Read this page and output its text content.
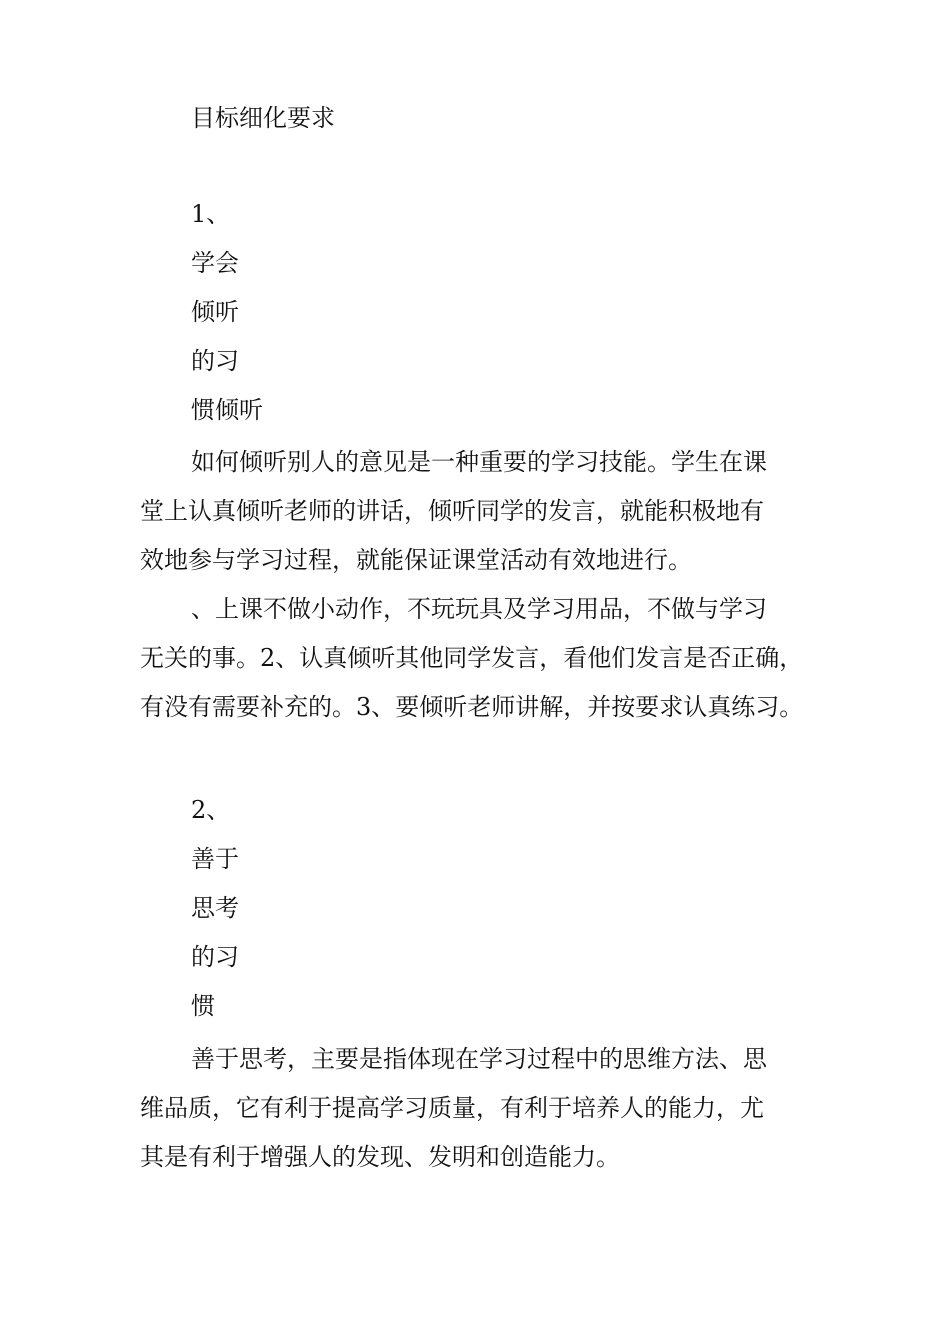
目标细化要求
1、
学会
倾听
的习
惯倾听
如何倾听别人的意见是一种重要的学习技能。学生在课
堂上认真倾听老师的讲话，倾听同学的发言，就能积极地有
效地参与学习过程，就能保证课堂活动有效地进行。
、上课不做小动作，不玩玩具及学习用品，不做与学习
无关的事。2、认真倾听其他同学发言，看他们发言是否正确，
有没有需要补充的。3、要倾听老师讲解，并按要求认真练习。
2、
善于
思考
的习
惯
善于思考，主要是指体现在学习过程中的思维方法、思
维品质，它有利于提高学习质量，有利于培养人的能力，尤
其是有利于增强人的发现、发明和创造能力。
